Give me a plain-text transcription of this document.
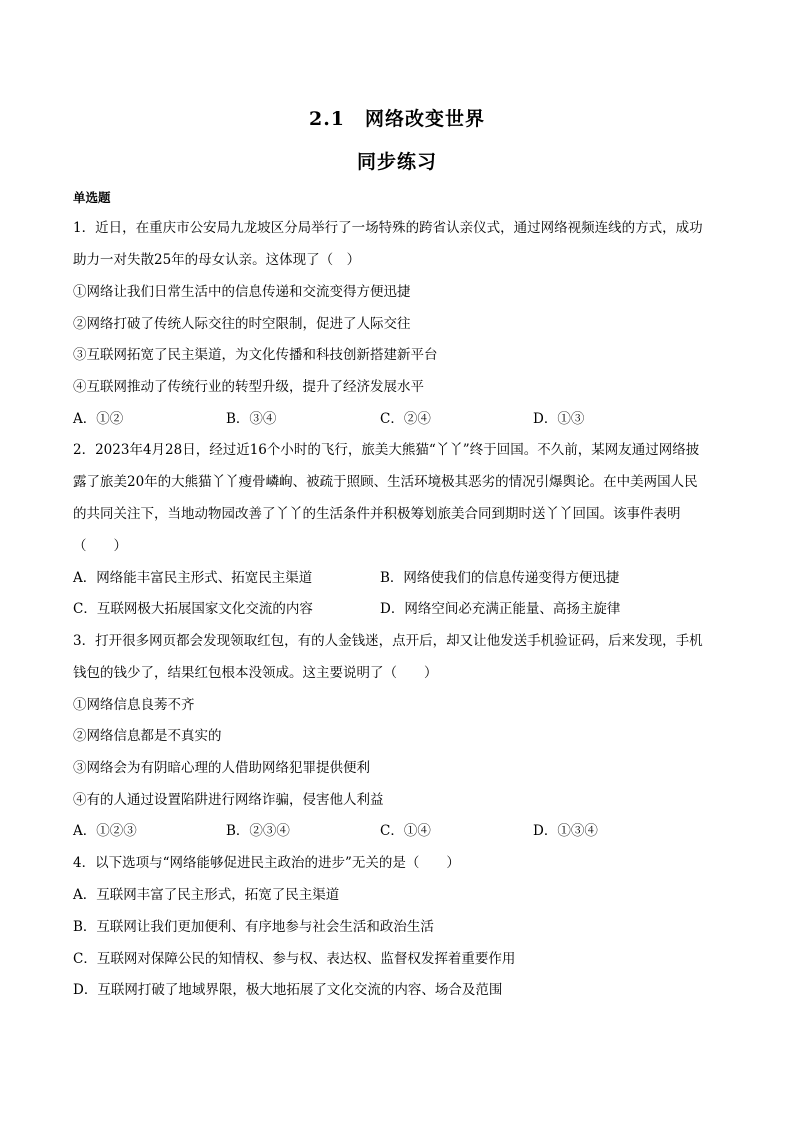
2.1　网络改变世界
同步练习
单选题
1．近日，在重庆市公安局九龙坡区分局举行了一场特殊的跨省认亲仪式，通过网络视频连线的方式，成功
助力一对失散25年的母女认亲。这体现了（　）
①网络让我们日常生活中的信息传递和交流变得方便迅捷
②网络打破了传统人际交往的时空限制，促进了人际交往
③互联网拓宽了民主渠道，为文化传播和科技创新搭建新平台
④互联网推动了传统行业的转型升级，提升了经济发展水平
A．①②	B．③④	C．②④	D．①③
2．2023年4月28日，经过近16个小时的飞行，旅美大熊猫“丫丫”终于回国。不久前，某网友通过网络披
露了旅美20年的大熊猫丫丫瘦骨嶙峋、被疏于照顾、生活环境极其恶劣的情况引爆舆论。在中美两国人民
的共同关注下，当地动物园改善了丫丫的生活条件并积极筹划旅美合同到期时送丫丫回国。该事件表明
（　　）
A．网络能丰富民主形式、拓宽民主渠道	B．网络使我们的信息传递变得方便迅捷
C．互联网极大拓展国家文化交流的内容	D．网络空间必充满正能量、高扬主旋律
3．打开很多网页都会发现领取红包，有的人金钱迷，点开后，却又让他发送手机验证码，后来发现，手机
钱包的钱少了，结果红包根本没领成。这主要说明了（　　）
①网络信息良莠不齐
②网络信息都是不真实的
③网络会为有阴暗心理的人借助网络犯罪提供便利
④有的人通过设置陷阱进行网络诈骗，侵害他人利益
A．①②③	B．②③④	C．①④	D．①③④
4．以下选项与“网络能够促进民主政治的进步”无关的是（　　）
A．互联网丰富了民主形式，拓宽了民主渠道
B．互联网让我们更加便利、有序地参与社会生活和政治生活
C．互联网对保障公民的知情权、参与权、表达权、监督权发挥着重要作用
D．互联网打破了地域界限，极大地拓展了文化交流的内容、场合及范围
